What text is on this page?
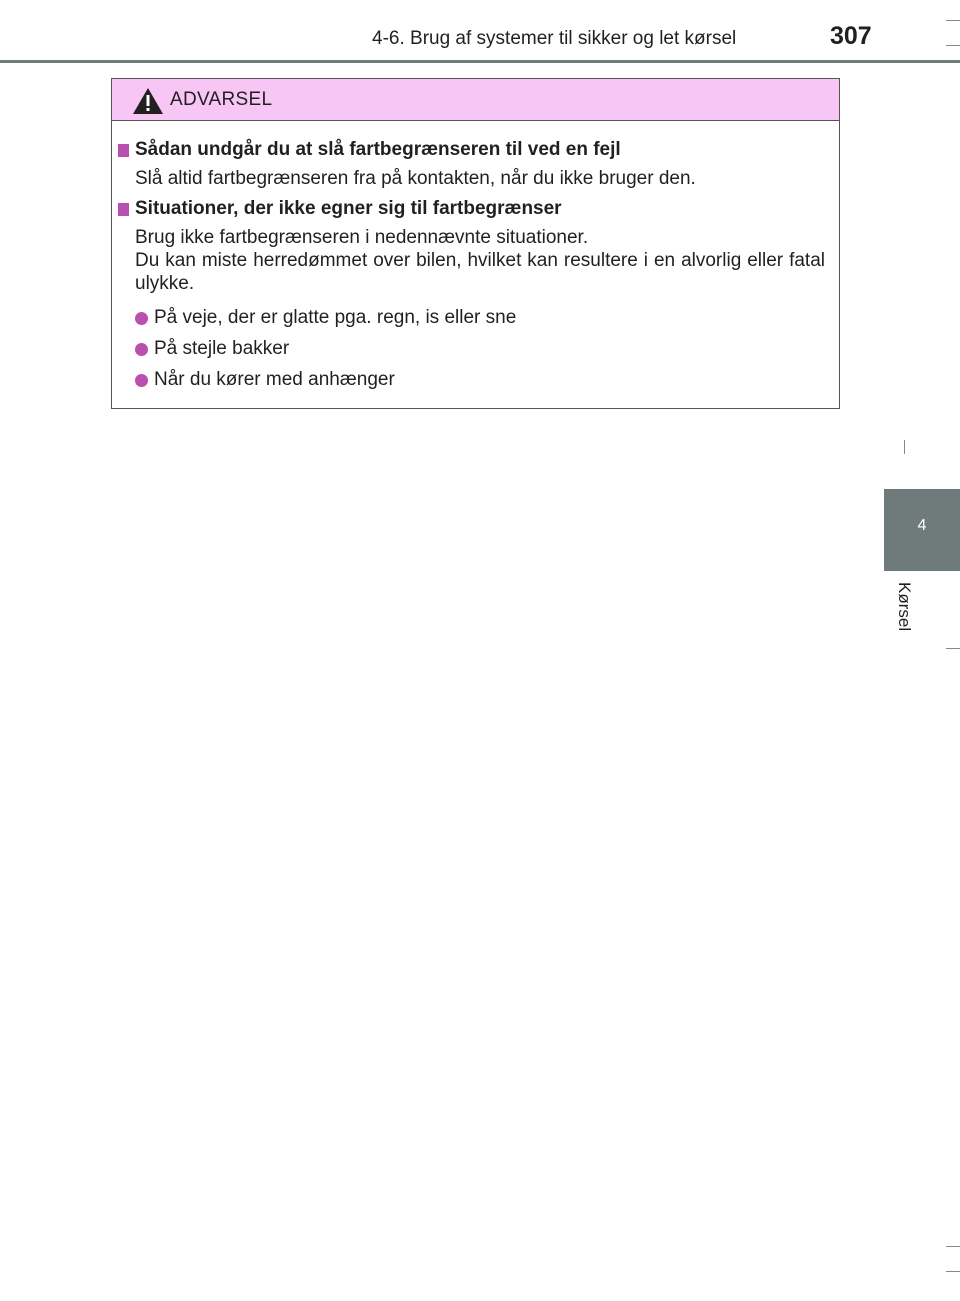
4-6. Brug af systemer til sikker og let kørsel	307
4
Kørsel
ADVARSEL
Sådan undgår du at slå fartbegrænseren til ved en fejl
Slå altid fartbegrænseren fra på kontakten, når du ikke bruger den.
Situationer, der ikke egner sig til fartbegrænser
Brug ikke fartbegrænseren i nedennævnte situationer.
Du kan miste herredømmet over bilen, hvilket kan resultere i en alvorlig eller fatal ulykke.
På veje, der er glatte pga. regn, is eller sne
På stejle bakker
Når du kører med anhænger
